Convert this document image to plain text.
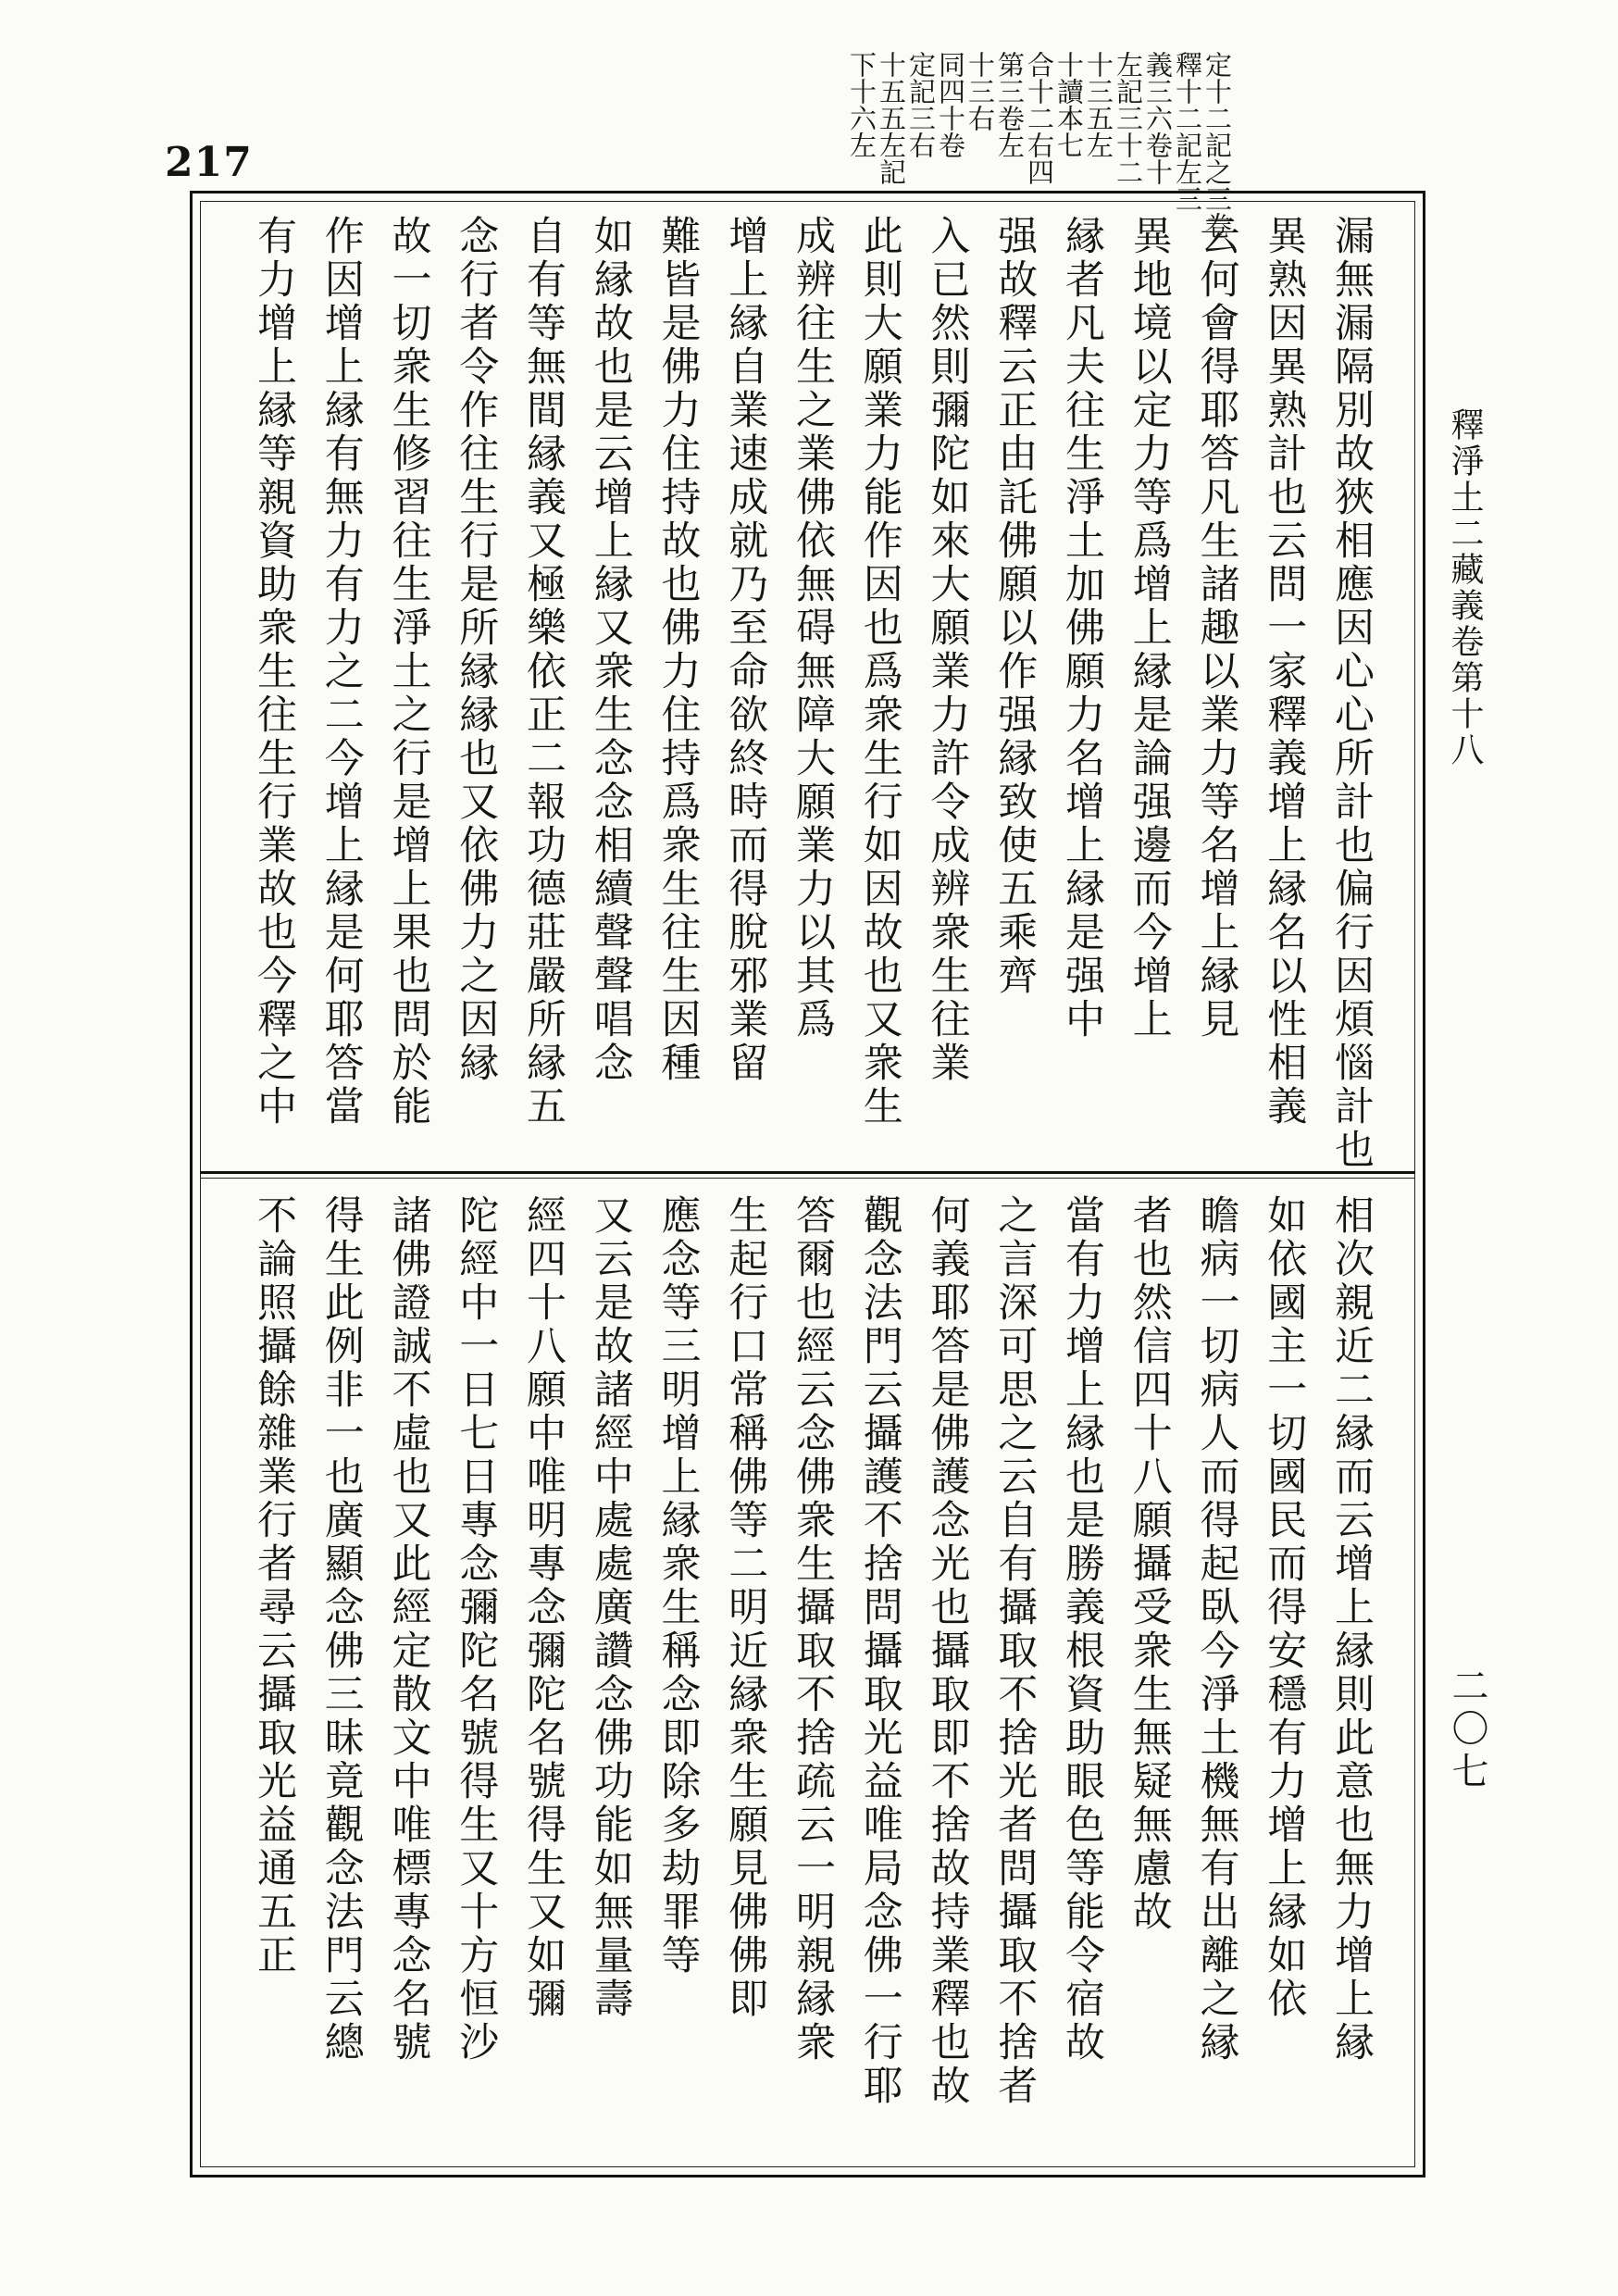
217	定十二記之三卷
釋十二記左三
義三六卷十
左記三十二
十三五左
十讀本七
合十二右四
第三卷左
十三右
同四十卷
定記三右
十五五左記
下十六左
漏無漏隔別故狹相應因心心所計也偏行因煩惱計也
異熟因異熟計也云問一家釋義增上縁名以性相義
云何會得耶答凡生諸趣以業力等名增上縁見
異地境以定力等爲增上縁是論强邊而今增上
縁者凡夫往生淨土加佛願力名增上縁是强中
强故釋云正由託佛願以作强縁致使五乘齊
入已然則彌陀如來大願業力許令成辨衆生往業
此則大願業力能作因也爲衆生行如因故也又衆生
成辨往生之業佛依無碍無障大願業力以其爲
增上縁自業速成就乃至命欲終時而得脫邪業留
難皆是佛力住持故也佛力住持爲衆生往生因種
如縁故也是云增上縁又衆生念念相續聲聲唱念
自有等無間縁義又極樂依正二報功德莊嚴所縁五
念行者令作往生行是所縁縁也又依佛力之因縁
故一切衆生修習往生淨土之行是增上果也問於能
作因增上縁有無力有力之二今增上縁是何耶答當
有力增上縁等親資助衆生往生行業故也今釋之中
相次親近二縁而云增上縁則此意也無力增上縁
如依國主一切國民而得安穩有力增上縁如依
瞻病一切病人而得起臥今淨土機無有出離之縁
者也然信四十八願攝受衆生無疑無慮故
當有力增上縁也是勝義根資助眼色等能令宿故
之言深可思之云自有攝取不捨光者問攝取不捨者
何義耶答是佛護念光也攝取即不捨故持業釋也故
觀念法門云攝護不捨問攝取光益唯局念佛一行耶
答爾也經云念佛衆生攝取不捨疏云一明親縁衆
生起行口常稱佛等二明近縁衆生願見佛佛即
應念等三明增上縁衆生稱念即除多劫罪等
又云是故諸經中處處廣讚念佛功能如無量壽
經四十八願中唯明專念彌陀名號得生又如彌
陀經中一日七日專念彌陀名號得生又十方恒沙
諸佛證誠不虛也又此經定散文中唯標專念名號
得生此例非一也廣顯念佛三昧竟觀念法門云總
不論照攝餘雜業行者尋云攝取光益通五正
釋淨土二藏義卷第十八
二〇七
